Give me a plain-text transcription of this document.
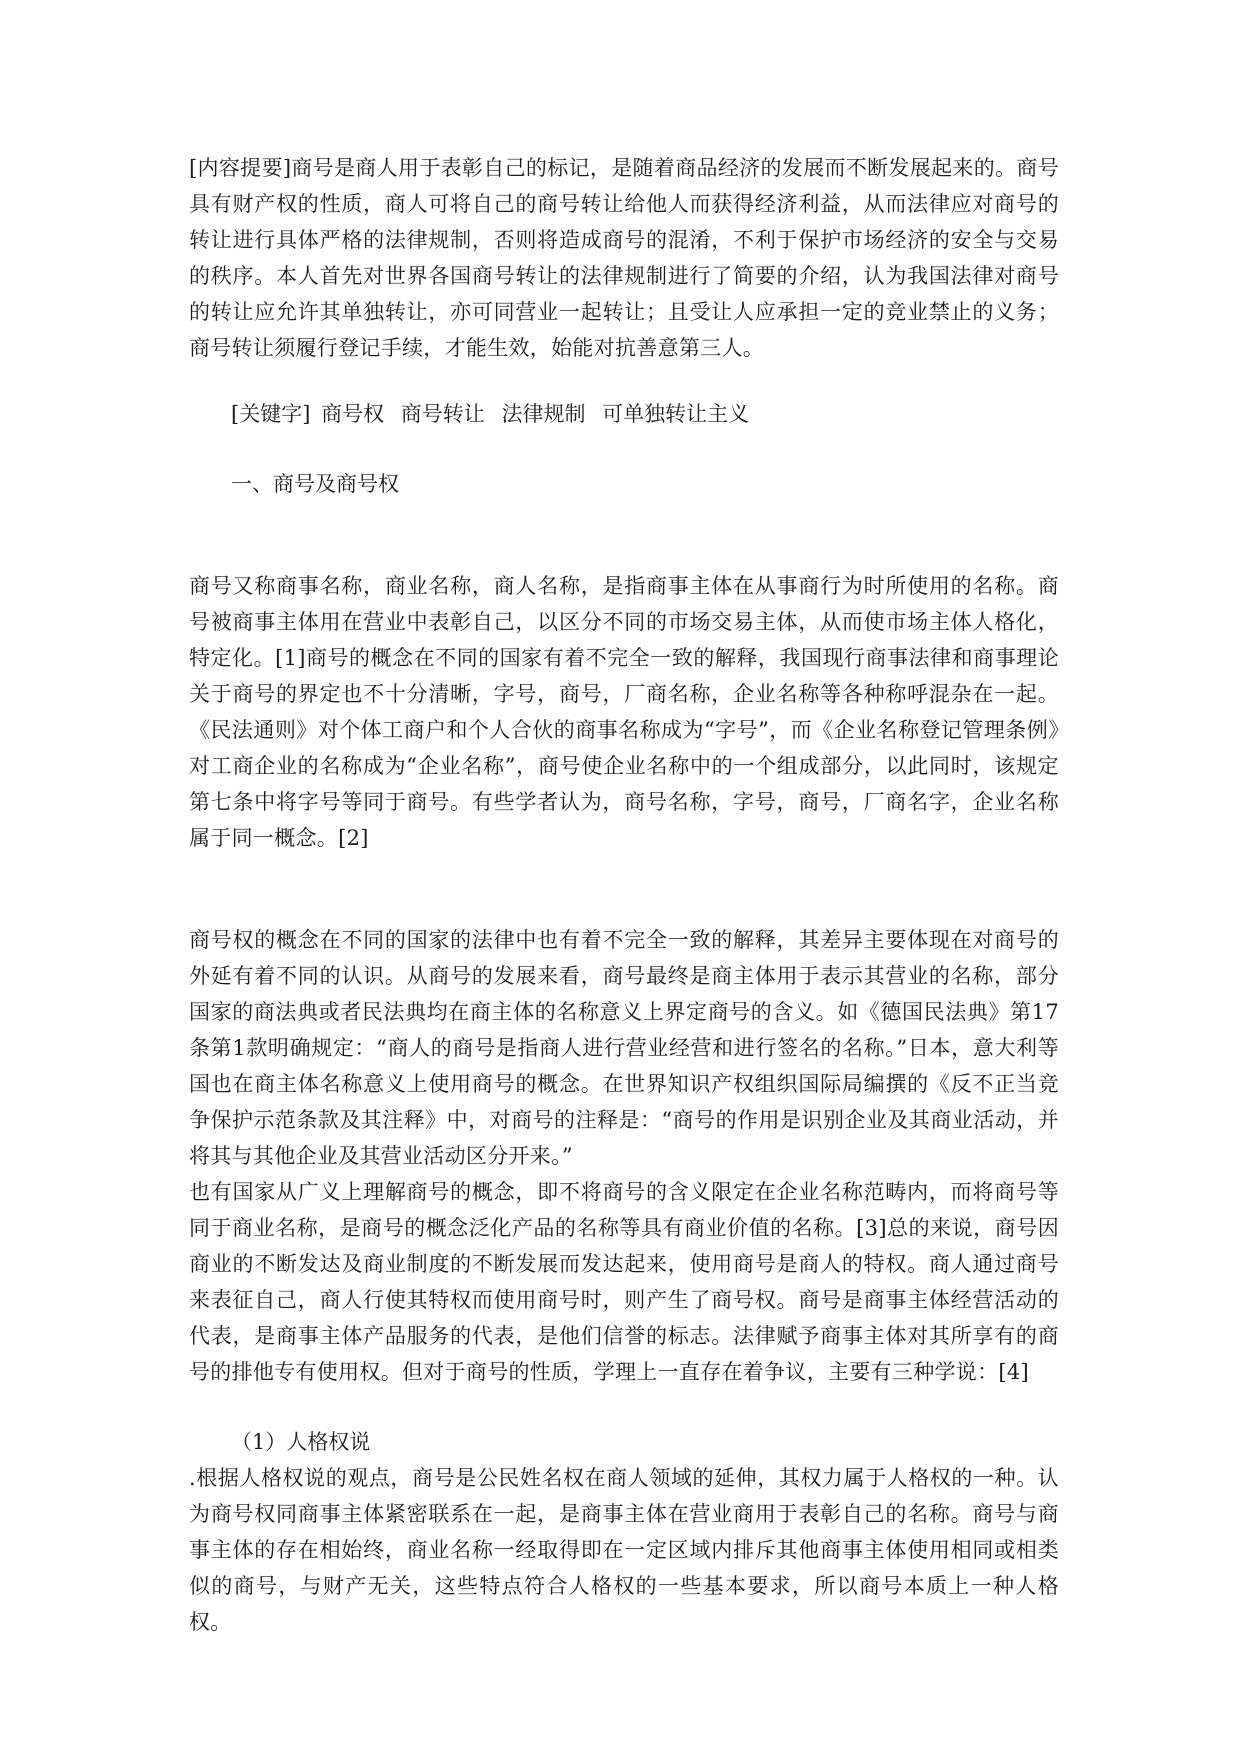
[内容提要]商号是商人用于表彰自己的标记，是随着商品经济的发展而不断发展起来的。商号具有财产权的性质，商人可将自己的商号转让给他人而获得经济利益，从而法律应对商号的转让进行具体严格的法律规制，否则将造成商号的混淆，不利于保护市场经济的安全与交易的秩序。本人首先对世界各国商号转让的法律规制进行了简要的介绍，认为我国法律对商号的转让应允许其单独转让，亦可同营业一起转让；且受让人应承担一定的竞业禁止的义务；商号转让须履行登记手续，才能生效，始能对抗善意第三人。

[关键字] 商号权 商号转让 法律规制 可单独转让主义

一、商号及商号权

商号又称商事名称，商业名称，商人名称，是指商事主体在从事商行为时所使用的名称。商号被商事主体用在营业中表彰自己，以区分不同的市场交易主体，从而使市场主体人格化，特定化。[1]商号的概念在不同的国家有着不完全一致的解释，我国现行商事法律和商事理论关于商号的界定也不十分清晰，字号，商号，厂商名称，企业名称等各种称呼混杂在一起。《民法通则》对个体工商户和个人合伙的商事名称成为“字号”，而《企业名称登记管理条例》对工商企业的名称成为“企业名称”，商号使企业名称中的一个组成部分，以此同时，该规定第七条中将字号等同于商号。有些学者认为，商号名称，字号，商号，厂商名字，企业名称属于同一概念。[2]

商号权的概念在不同的国家的法律中也有着不完全一致的解释，其差异主要体现在对商号的外延有着不同的认识。从商号的发展来看，商号最终是商主体用于表示其营业的名称，部分国家的商法典或者民法典均在商主体的名称意义上界定商号的含义。如《德国民法典》第17条第1款明确规定：“商人的商号是指商人进行营业经营和进行签名的名称。”日本，意大利等国也在商主体名称意义上使用商号的概念。在世界知识产权组织国际局编撰的《反不正当竞争保护示范条款及其注释》中，对商号的注释是：“商号的作用是识别企业及其商业活动，并将其与其他企业及其营业活动区分开来。”

也有国家从广义上理解商号的概念，即不将商号的含义限定在企业名称范畴内，而将商号等同于商业名称，是商号的概念泛化产品的名称等具有商业价值的名称。[3]总的来说，商号因商业的不断发达及商业制度的不断发展而发达起来，使用商号是商人的特权。商人通过商号来表征自己，商人行使其特权而使用商号时，则产生了商号权。商号是商事主体经营活动的代表，是商事主体产品服务的代表，是他们信誉的标志。法律赋予商事主体对其所享有的商号的排他专有使用权。但对于商号的性质，学理上一直存在着争议，主要有三种学说：[4]

（1）人格权说

.根据人格权说的观点，商号是公民姓名权在商人领域的延伸，其权力属于人格权的一种。认为商号权同商事主体紧密联系在一起，是商事主体在营业商用于表彰自己的名称。商号与商事主体的存在相始终，商业名称一经取得即在一定区域内排斥其他商事主体使用相同或相类似的商号，与财产无关，这些特点符合人格权的一些基本要求，所以商号本质上一种人格权。
